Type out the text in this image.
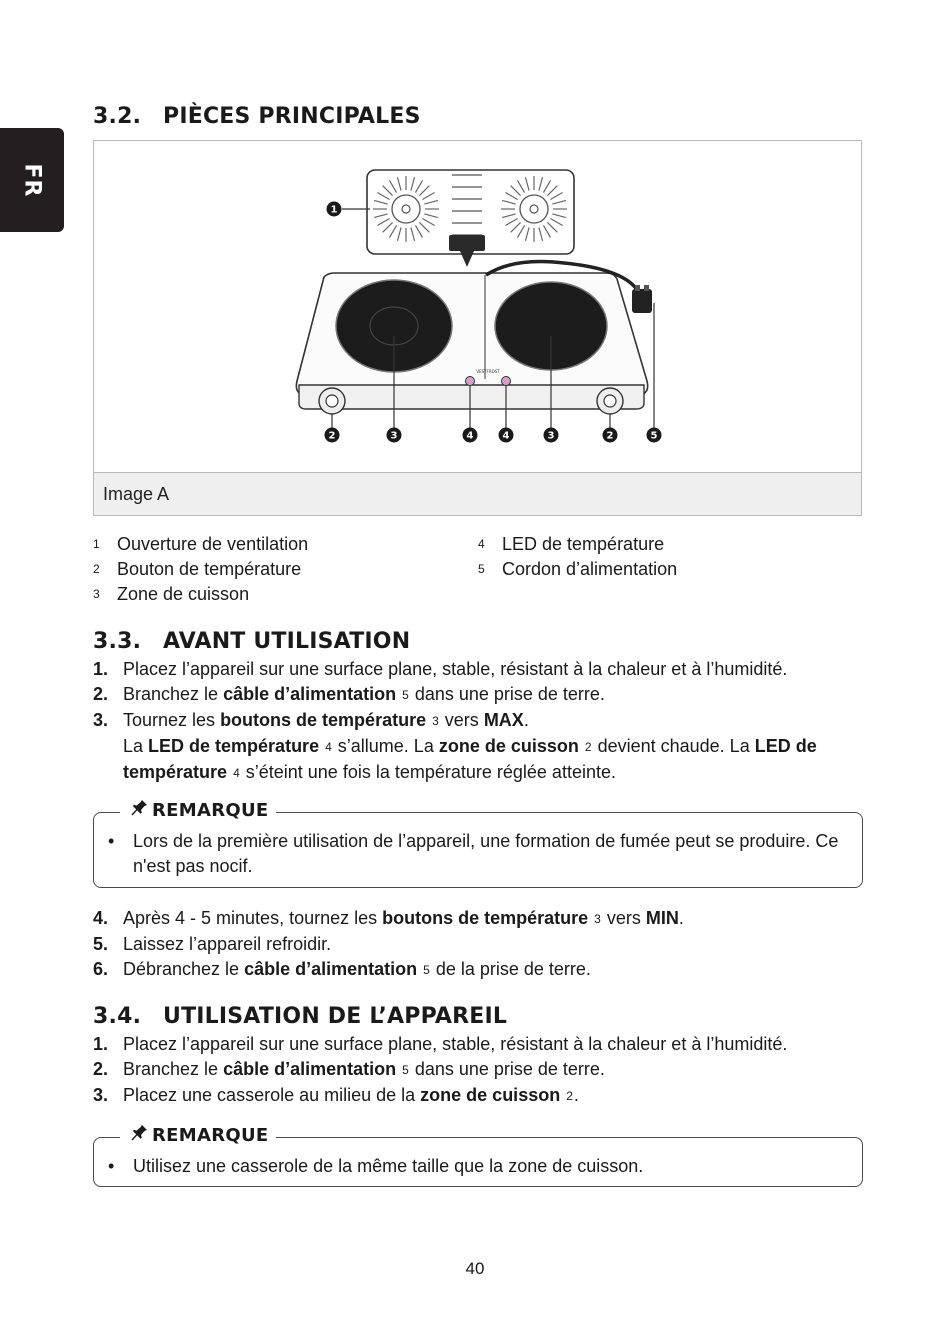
FR
3.2. PIÈCES PRINCIPALES
VESTFROST
1
2	3	4	4	3	2	5
Image A
1 Ouverture de ventilation
2 Bouton de température
3 Zone de cuisson
4 LED de température
5 Cordon d’alimentation
3.3. AVANT UTILISATION
1. Placez l’appareil sur une surface plane, stable, résistant à la chaleur et à l’humidité.
2. Branchez le câble d’alimentation 5 dans une prise de terre.
3. Tournez les boutons de température 3 vers MAX.
La LED de température 4 s’allume. La zone de cuisson 2 devient chaude. La LED de température 4 s’éteint une fois la température réglée atteinte.
REMARQUE
• Lors de la première utilisation de l’appareil, une formation de fumée peut se produire. Ce n'est pas nocif.
4. Après 4 - 5 minutes, tournez les boutons de température 3 vers MIN.
5. Laissez l’appareil refroidir.
6. Débranchez le câble d’alimentation 5 de la prise de terre.
3.4. UTILISATION DE L’APPAREIL
1. Placez l’appareil sur une surface plane, stable, résistant à la chaleur et à l’humidité.
2. Branchez le câble d’alimentation 5 dans une prise de terre.
3. Placez une casserole au milieu de la zone de cuisson 2.
REMARQUE
• Utilisez une casserole de la même taille que la zone de cuisson.
40
